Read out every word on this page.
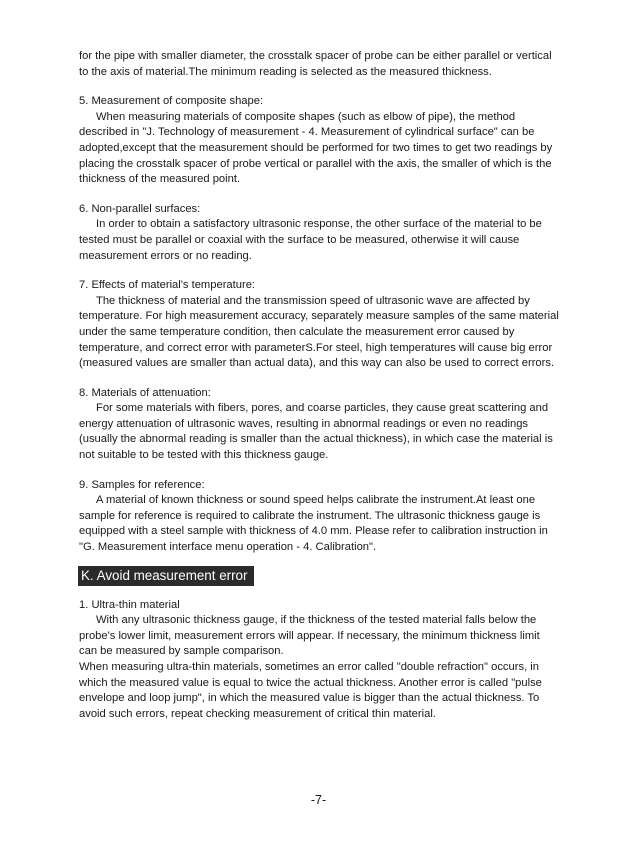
for the pipe with smaller diameter, the crosstalk spacer of probe can be either parallel or vertical to the axis of material.The minimum reading is selected as the measured thickness.

5. Measurement of composite shape:

When measuring materials of composite shapes (such as elbow of pipe), the method described in "J. Technology of measurement - 4. Measurement of cylindrical surface" can be adopted,except that the measurement should be performed for two times to get two readings by placing the crosstalk spacer of probe vertical or parallel with the axis, the smaller of which is the thickness of the measured point.

6. Non-parallel surfaces:

In order to obtain a satisfactory ultrasonic response, the other surface of the material to be tested must be parallel or coaxial with the surface to be measured, otherwise it will cause measurement errors or no reading.

7. Effects of material's temperature:

The thickness of material and the transmission speed of ultrasonic wave are affected by temperature. For high measurement accuracy, separately measure samples of the same material under the same temperature condition, then calculate the measurement error caused by temperature, and correct error with parameterS.For steel, high temperatures will cause big error (measured values are smaller than actual data), and this way can also be used to correct errors.

8. Materials of attenuation:

For some materials with fibers, pores, and coarse particles, they cause great scattering and energy attenuation of ultrasonic waves, resulting in abnormal readings or even no readings (usually the abnormal reading is smaller than the actual thickness), in which case the material is not suitable to be tested with this thickness gauge.

9. Samples for reference:

A material of known thickness or sound speed helps calibrate the instrument.At least one sample for reference is required to calibrate the instrument. The ultrasonic thickness gauge is equipped with a steel sample with thickness of 4.0 mm. Please refer to calibration instruction in "G. Measurement interface menu operation - 4. Calibration".

K. Avoid measurement error

1. Ultra-thin material

With any ultrasonic thickness gauge, if the thickness of the tested material falls below the probe's lower limit, measurement errors will appear. If necessary, the minimum thickness limit can be measured by sample comparison.

When measuring ultra-thin materials, sometimes an error called "double refraction" occurs, in which the measured value is equal to twice the actual thickness. Another error is called "pulse envelope and loop jump", in which the measured value is bigger than the actual thickness. To avoid such errors, repeat checking measurement of critical thin material.

-7-
